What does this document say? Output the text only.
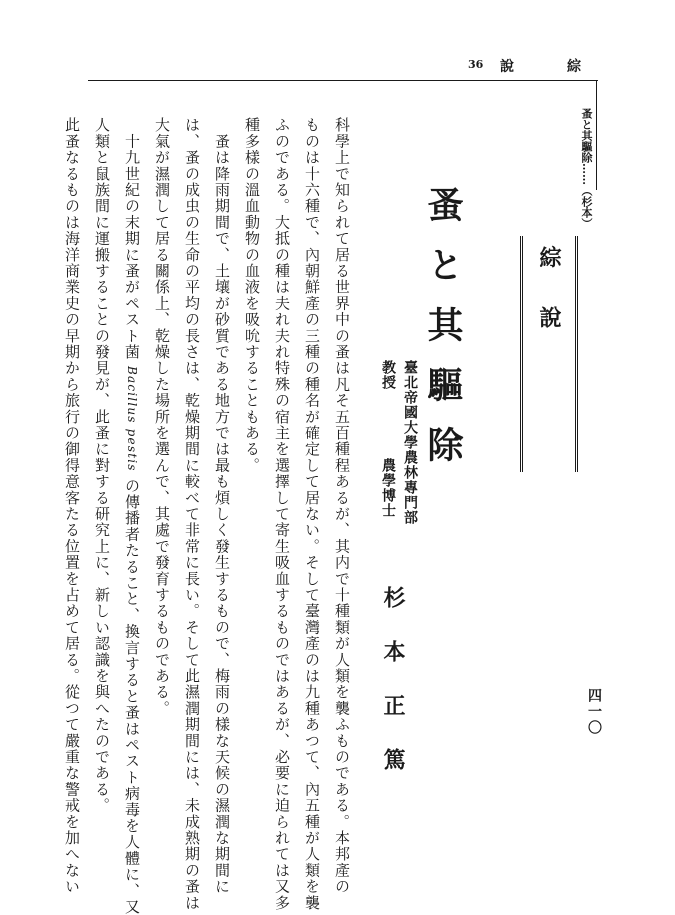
36 說	綜
蚤と其驅除……（杉本）
綜說
蚤と其驅除
臺北帝國大學農林專門部
教授
農學博士
杉本正篤	四一〇
科學上で知られて居る世界中の蚤は凡そ五百種程あるが、其内で十種類が人類を襲ふものである。本邦產の
ものは十六種で、內朝鮮產の三種の種名が確定して居ない。そして臺灣產のは九種あつて、內五種が人類を襲
ふのである。大抵の種は夫れ夫れ特殊の宿主を選擇して寄生吸血するものではあるが、必要に迫られては又多
種多樣の溫血動物の血液を吸吮することもある。
　蚤は降雨期間で、土壤が砂質である地方では最も煩しく發生するもので、梅雨の樣な天候の濕潤な期間に
は、蚤の成虫の生命の平均の長さは、乾燥期間に較べて非常に長い。そして此濕潤期間には、未成熟期の蚤は
大氣が濕潤して居る關係上、乾燥した場所を選んで、其處で發育するものである。
　十九世紀の末期に蚤がペスト菌 Bacillus pestis の傳播者たること、換言すると蚤はペスト病毒を人體に、又
人類と鼠族間に運搬することの發見が、此蚤に對する研究上に、新しい認識を與へたのである。
此蚤なるものは海洋商業史の早期から旅行の御得意客たる位置を占めて居る。從つて嚴重な警戒を加へない
